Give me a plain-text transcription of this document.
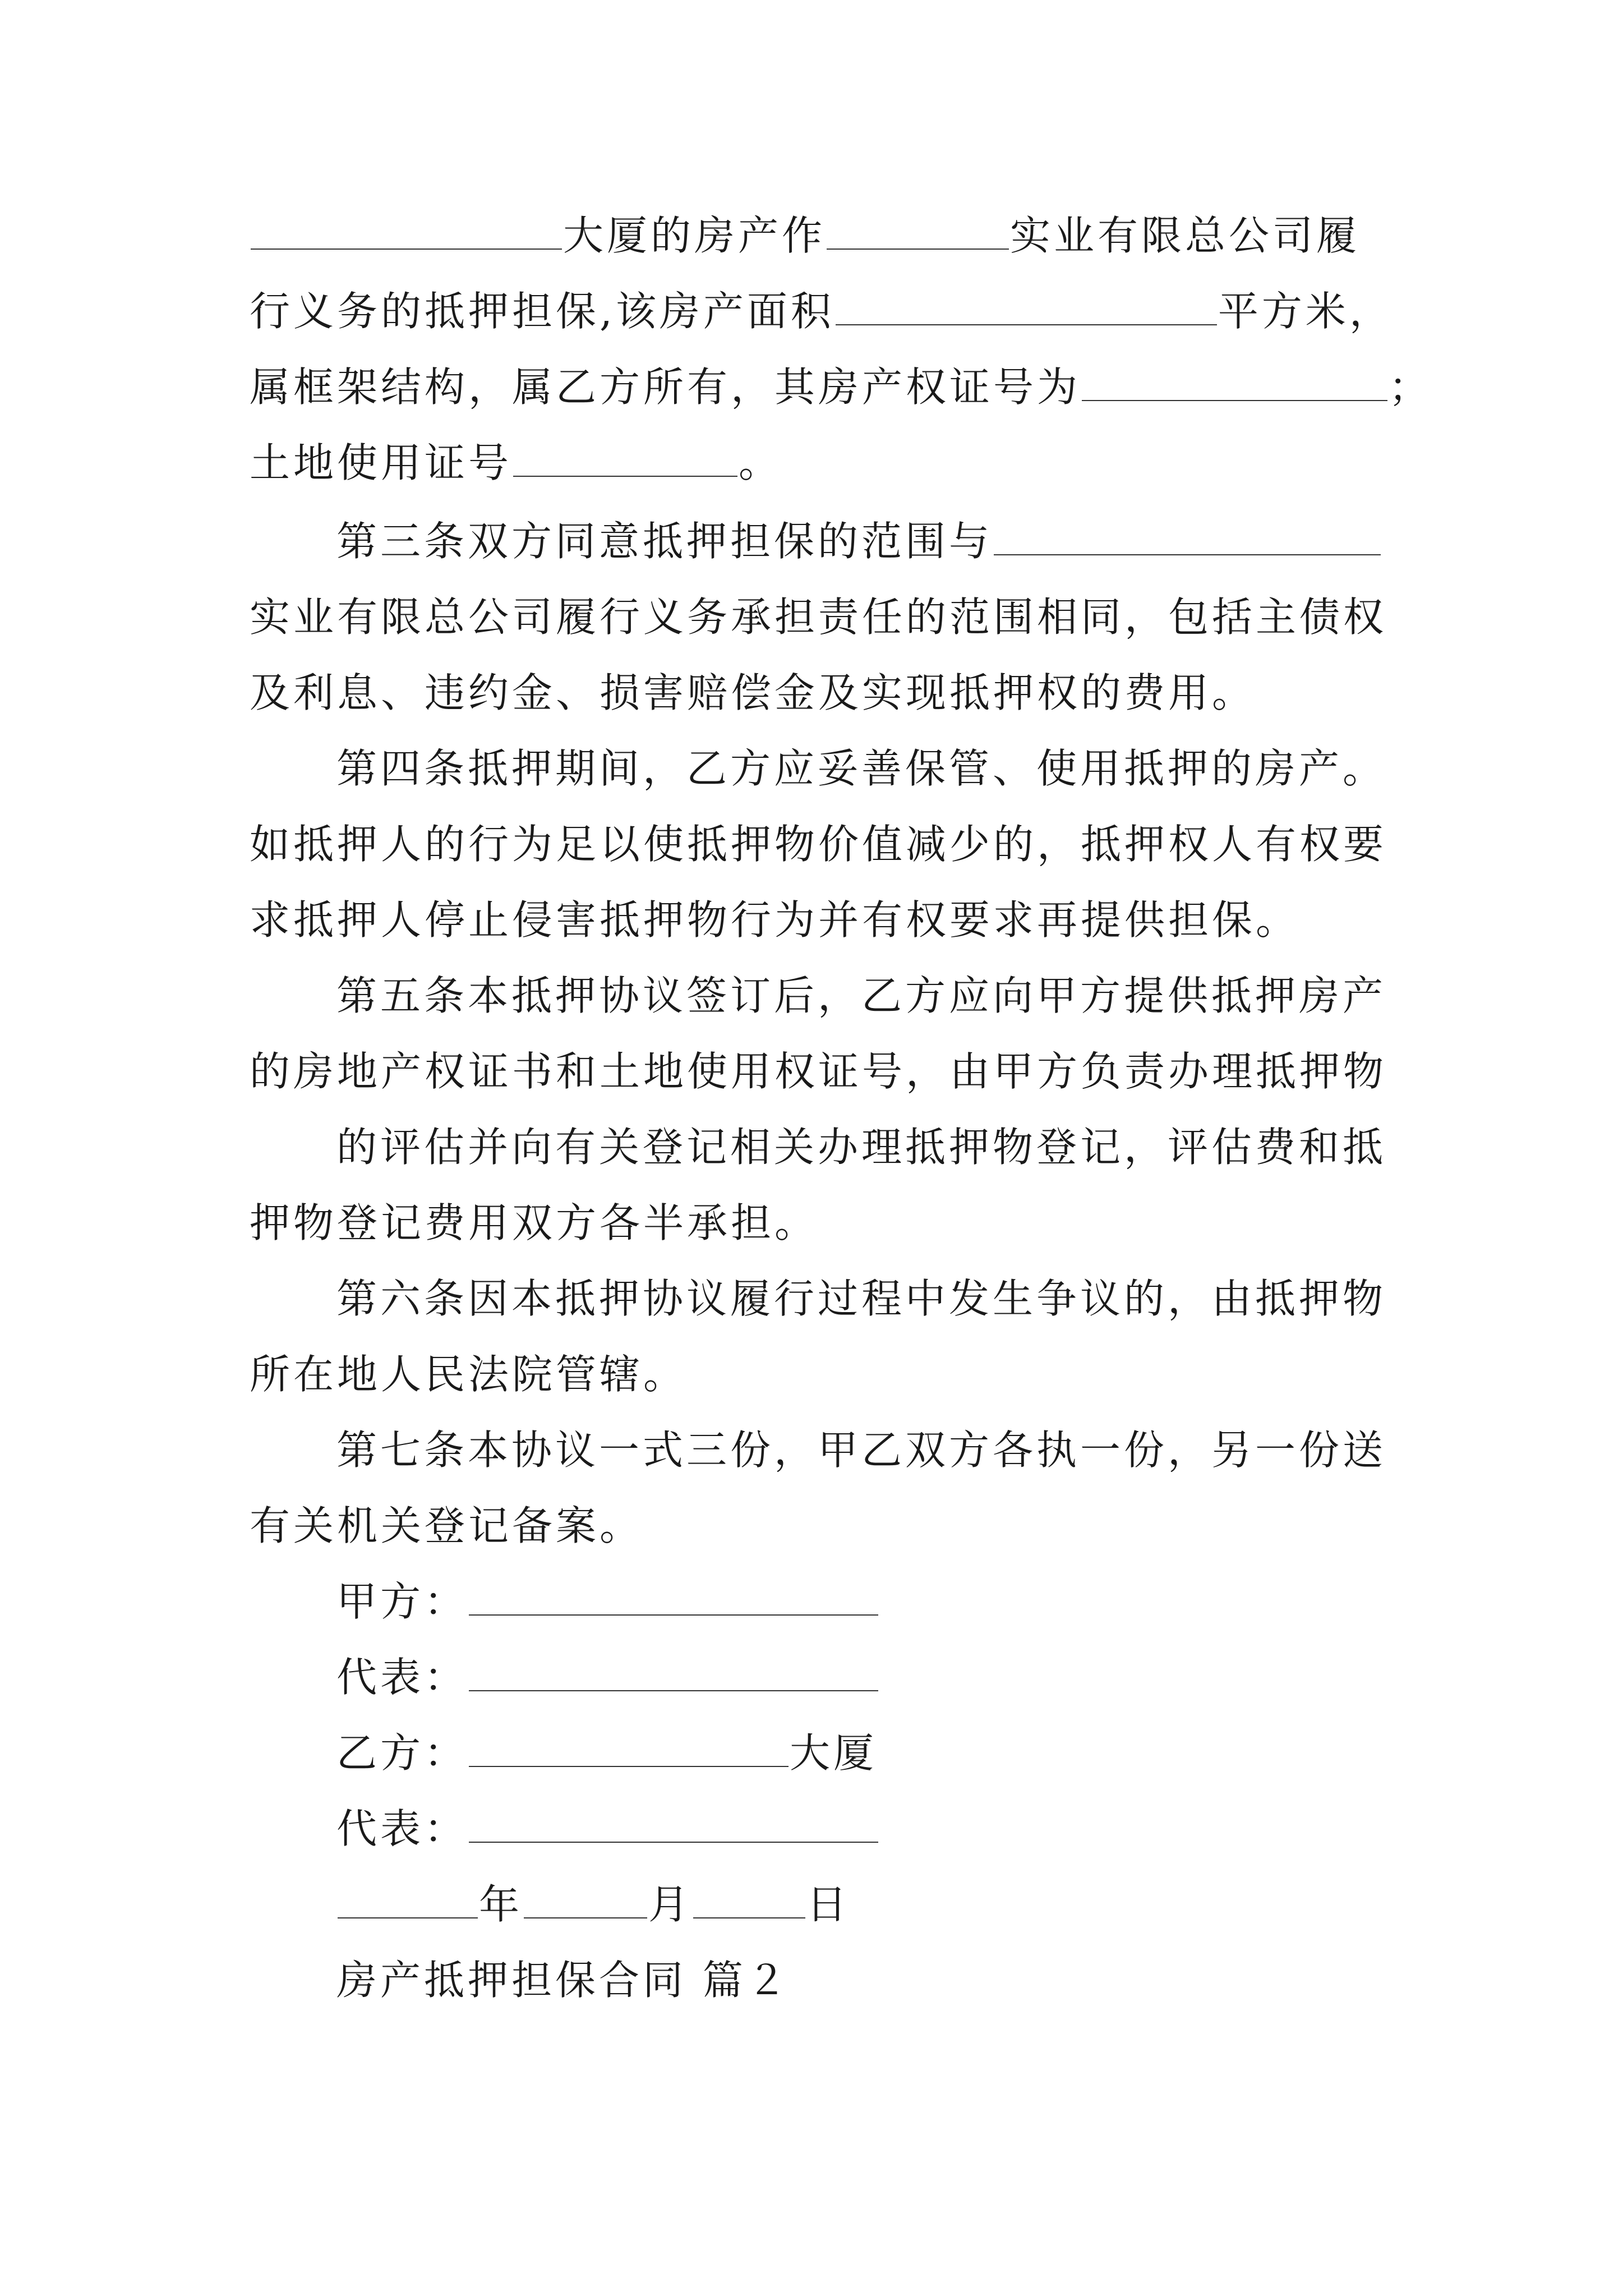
大厦的房产作	实业有限总公司履
行义务的抵押担保,该房产面积	平方米，
属框架结构，属乙方所有，其房产权证号为	；
土地使用证号	。
第三条双方同意抵押担保的范围与
实业有限总公司履行义务承担责任的范围相同，包括主债权
及利息、违约金、损害赔偿金及实现抵押权的费用。
第四条抵押期间，乙方应妥善保管、使用抵押的房产。
如抵押人的行为足以使抵押物价值减少的，抵押权人有权要
求抵押人停止侵害抵押物行为并有权要求再提供担保。
第五条本抵押协议签订后，乙方应向甲方提供抵押房产
的房地产权证书和土地使用权证号，由甲方负责办理抵押物
的评估并向有关登记相关办理抵押物登记，评估费和抵
押物登记费用双方各半承担。
第六条因本抵押协议履行过程中发生争议的，由抵押物
所在地人民法院管辖。
第七条本协议一式三份，甲乙双方各执一份，另一份送
有关机关登记备案。
甲方：
代表：
乙方：	大厦
代表：
年	月	日
房产抵押担保合同 篇２
